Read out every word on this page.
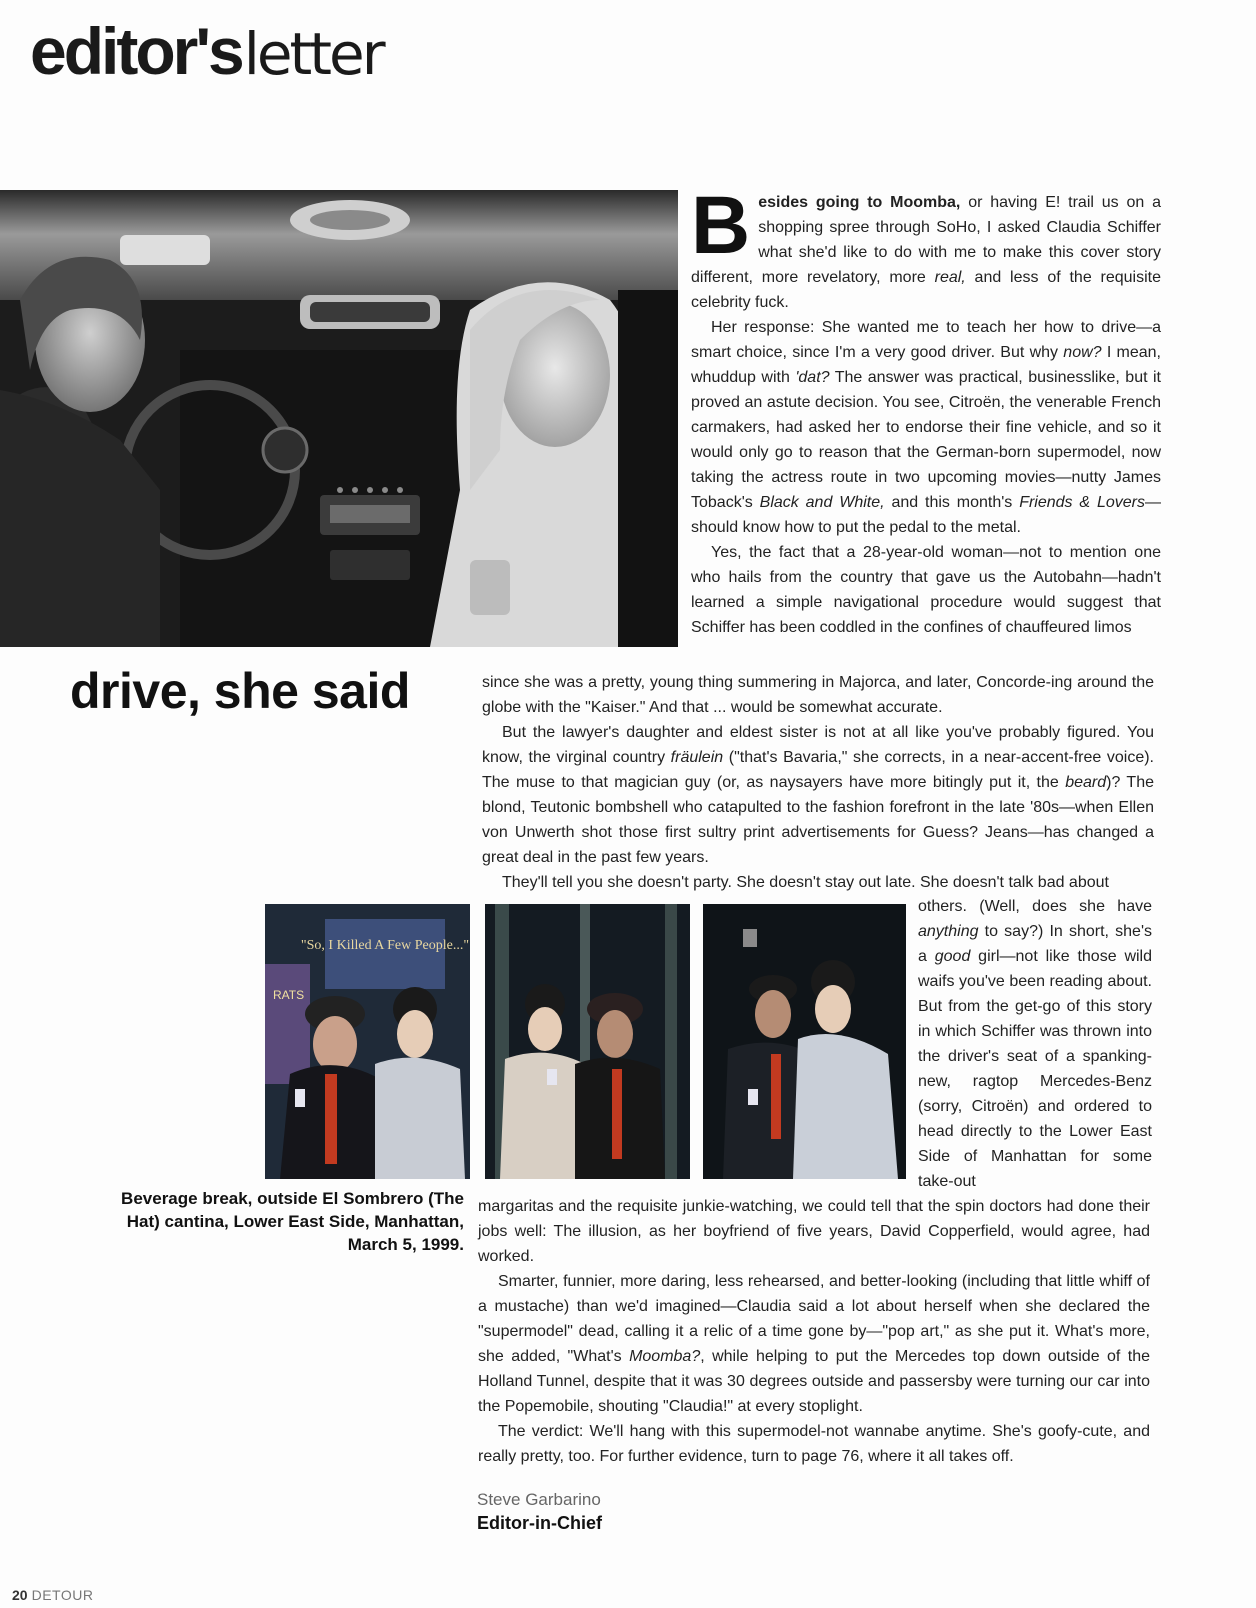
editor'sletter

Besides going to Moomba, or having E! trail us on a shopping spree through SoHo, I asked Claudia Schiffer what she'd like to do with me to make this cover story different, more revelatory, more real, and less of the requisite celebrity fuck.

Her response: She wanted me to teach her how to drive—a smart choice, since I'm a very good driver. But why now? I mean, whuddup with 'dat? The answer was practical, businesslike, but it proved an astute decision. You see, Citroën, the venerable French carmakers, had asked her to endorse their fine vehicle, and so it would only go to reason that the German-born supermodel, now taking the actress route in two upcoming movies—nutty James Toback's Black and White, and this month's Friends & Lovers—should know how to put the pedal to the metal.

Yes, the fact that a 28-year-old woman—not to mention one who hails from the country that gave us the Autobahn—hadn't learned a simple navigational procedure would suggest that Schiffer has been coddled in the confines of chauffeured limos

drive, she said	since she was a pretty, young thing summering in Majorca, and later, Concorde-ing around the globe with the "Kaiser." And that ... would be somewhat accurate.

But the lawyer's daughter and eldest sister is not at all like you've probably figured. You know, the virginal country fräulein ("that's Bavaria," she corrects, in a near-accent-free voice). The muse to that magician guy (or, as naysayers have more bitingly put it, the beard)? The blond, Teutonic bombshell who catapulted to the fashion forefront in the late '80s—when Ellen von Unwerth shot those first sultry print advertisements for Guess? Jeans—has changed a great deal in the past few years.

They'll tell you she doesn't party. She doesn't stay out late. She doesn't talk bad about

"So, I Killed A Few People..."
RATS

others. (Well, does she have anything to say?) In short, she's a good girl—not like those wild waifs you've been reading about. But from the get-go of this story in which Schiffer was thrown into the driver's seat of a spanking-new, ragtop Mercedes-Benz (sorry, Citroën) and ordered to head directly to the Lower East Side of Manhattan for some take-out

Beverage break, outside El Sombrero (The Hat) cantina, Lower East Side, Manhattan, March 5, 1999.

margaritas and the requisite junkie-watching, we could tell that the spin doctors had done their jobs well: The illusion, as her boyfriend of five years, David Copperfield, would agree, had worked.

Smarter, funnier, more daring, less rehearsed, and better-looking (including that little whiff of a mustache) than we'd imagined—Claudia said a lot about herself when she declared the "supermodel" dead, calling it a relic of a time gone by—"pop art," as she put it. What's more, she added, "What's Moomba?, while helping to put the Mercedes top down outside of the Holland Tunnel, despite that it was 30 degrees outside and passersby were turning our car into the Popemobile, shouting "Claudia!" at every stoplight.

The verdict: We'll hang with this supermodel-not wannabe anytime. She's goofy-cute, and really pretty, too. For further evidence, turn to page 76, where it all takes off.

Steve Garbarino
Editor-in-Chief
20 DETOUR
